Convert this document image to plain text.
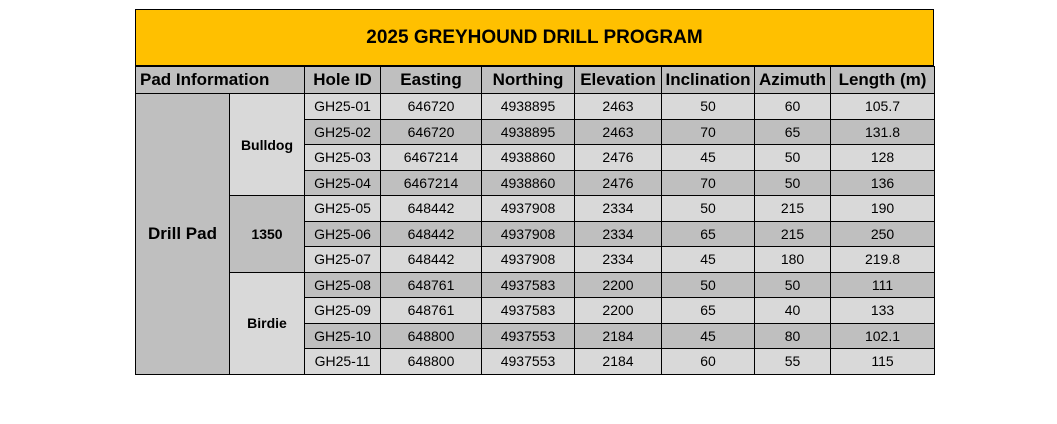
2025 GREYHOUND DRILL PROGRAM
Pad Information		Hole ID	Easting	Northing	Elevation	Inclination	Azimuth	Length (m)
Drill Pad	Bulldog	GH25-01	646720	4938895	2463	50	60	105.7
		GH25-02	646720	4938895	2463	70	65	131.8
		GH25-03	6467214	4938860	2476	45	50	128
		GH25-04	6467214	4938860	2476	70	50	136
	1350	GH25-05	648442	4937908	2334	50	215	190
		GH25-06	648442	4937908	2334	65	215	250
		GH25-07	648442	4937908	2334	45	180	219.8
	Birdie	GH25-08	648761	4937583	2200	50	50	111
		GH25-09	648761	4937583	2200	65	40	133
		GH25-10	648800	4937553	2184	45	80	102.1
		GH25-11	648800	4937553	2184	60	55	115
